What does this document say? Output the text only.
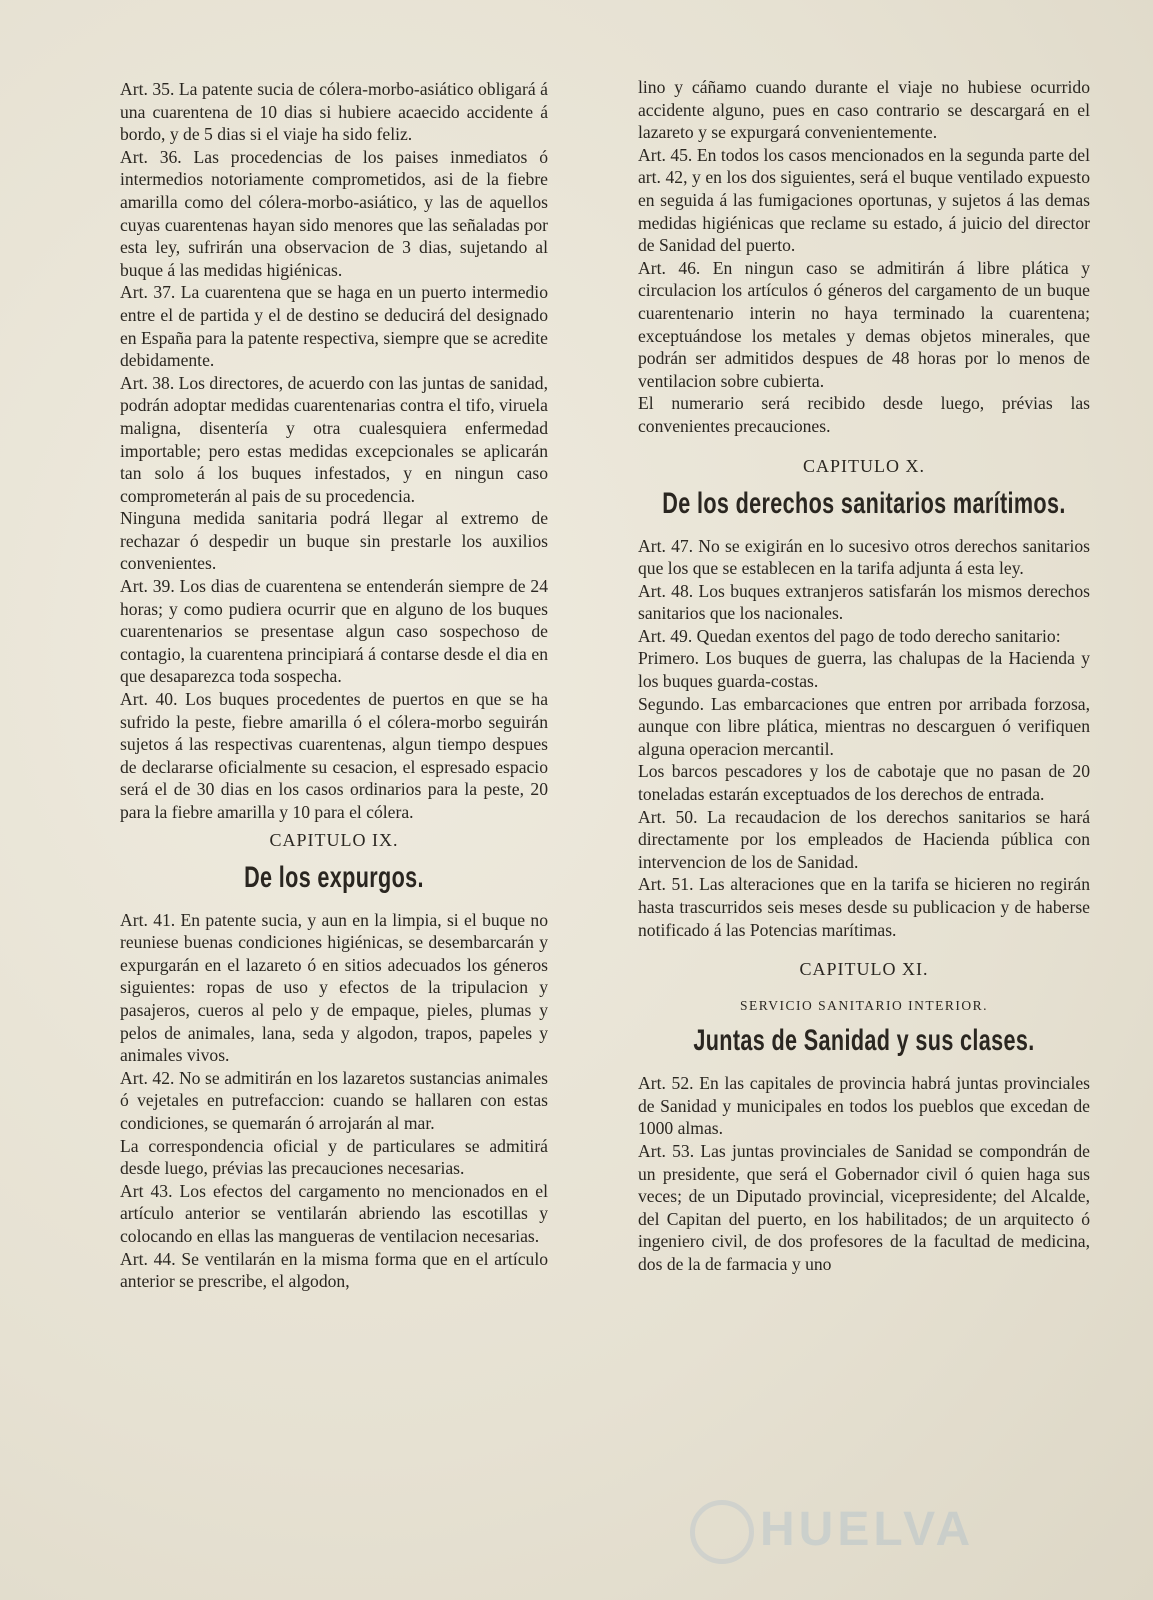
Art. 35. La patente sucia de cólera-morbo-asiático obligará á una cuarentena de 10 dias si hubiere acaecido accidente á bordo, y de 5 dias si el viaje ha sido feliz.

Art. 36. Las procedencias de los paises inmediatos ó intermedios notoriamente comprometidos, asi de la fiebre amarilla como del cólera-morbo-asiático, y las de aquellos cuyas cuarentenas hayan sido menores que las señaladas por esta ley, sufrirán una observacion de 3 dias, sujetando al buque á las medidas higiénicas.

Art. 37. La cuarentena que se haga en un puerto intermedio entre el de partida y el de destino se deducirá del designado en España para la patente respectiva, siempre que se acredite debidamente.

Art. 38. Los directores, de acuerdo con las juntas de sanidad, podrán adoptar medidas cuarentenarias contra el tifo, viruela maligna, disentería y otra cualesquiera enfermedad importable; pero estas medidas excepcionales se aplicarán tan solo á los buques infestados, y en ningun caso comprometerán al pais de su procedencia.

Ninguna medida sanitaria podrá llegar al extremo de rechazar ó despedir un buque sin prestarle los auxilios convenientes.

Art. 39. Los dias de cuarentena se entenderán siempre de 24 horas; y como pudiera ocurrir que en alguno de los buques cuarentenarios se presentase algun caso sospechoso de contagio, la cuarentena principiará á contarse desde el dia en que desaparezca toda sospecha.

Art. 40. Los buques procedentes de puertos en que se ha sufrido la peste, fiebre amarilla ó el cólera-morbo seguirán sujetos á las respectivas cuarentenas, algun tiempo despues de declararse oficialmente su cesacion, el espresado espacio será el de 30 dias en los casos ordinarios para la peste, 20 para la fiebre amarilla y 10 para el cólera.

CAPITULO IX.
De los expurgos.

Art. 41. En patente sucia, y aun en la limpia, si el buque no reuniese buenas condiciones higiénicas, se desembarcarán y expurgarán en el lazareto ó en sitios adecuados los géneros siguientes: ropas de uso y efectos de la tripulacion y pasajeros, cueros al pelo y de empaque, pieles, plumas y pelos de animales, lana, seda y algodon, trapos, papeles y animales vivos.

Art. 42. No se admitirán en los lazaretos sustancias animales ó vejetales en putrefaccion: cuando se hallaren con estas condiciones, se quemarán ó arrojarán al mar.

La correspondencia oficial y de particulares se admitirá desde luego, prévias las precauciones necesarias.

Art 43. Los efectos del cargamento no mencionados en el artículo anterior se ventilarán abriendo las escotillas y colocando en ellas las mangueras de ventilacion necesarias.

Art. 44. Se ventilarán en la misma forma que en el artículo anterior se prescribe, el algodon,

lino y cáñamo cuando durante el viaje no hubiese ocurrido accidente alguno, pues en caso contrario se descargará en el lazareto y se expurgará convenientemente.

Art. 45. En todos los casos mencionados en la segunda parte del art. 42, y en los dos siguientes, será el buque ventilado expuesto en seguida á las fumigaciones oportunas, y sujetos á las demas medidas higiénicas que reclame su estado, á juicio del director de Sanidad del puerto.

Art. 46. En ningun caso se admitirán á libre plática y circulacion los artículos ó géneros del cargamento de un buque cuarentenario interin no haya terminado la cuarentena; exceptuándose los metales y demas objetos minerales, que podrán ser admitidos despues de 48 horas por lo menos de ventilacion sobre cubierta.

El numerario será recibido desde luego, prévias las convenientes precauciones.

CAPITULO X.
De los derechos sanitarios marítimos.

Art. 47. No se exigirán en lo sucesivo otros derechos sanitarios que los que se establecen en la tarifa adjunta á esta ley.

Art. 48. Los buques extranjeros satisfarán los mismos derechos sanitarios que los nacionales.

Art. 49. Quedan exentos del pago de todo derecho sanitario:

Primero. Los buques de guerra, las chalupas de la Hacienda y los buques guarda-costas.

Segundo. Las embarcaciones que entren por arribada forzosa, aunque con libre plática, mientras no descarguen ó verifiquen alguna operacion mercantil.

Los barcos pescadores y los de cabotaje que no pasan de 20 toneladas estarán exceptuados de los derechos de entrada.

Art. 50. La recaudacion de los derechos sanitarios se hará directamente por los empleados de Hacienda pública con intervencion de los de Sanidad.

Art. 51. Las alteraciones que en la tarifa se hicieren no regirán hasta trascurridos seis meses desde su publicacion y de haberse notificado á las Potencias marítimas.

CAPITULO XI.
SERVICIO SANITARIO INTERIOR.
Juntas de Sanidad y sus clases.

Art. 52. En las capitales de provincia habrá juntas provinciales de Sanidad y municipales en todos los pueblos que excedan de 1000 almas.

Art. 53. Las juntas provinciales de Sanidad se compondrán de un presidente, que será el Gobernador civil ó quien haga sus veces; de un Diputado provincial, vicepresidente; del Alcalde, del Capitan del puerto, en los habilitados; de un arquitecto ó ingeniero civil, de dos profesores de la facultad de medicina, dos de la de farmacia y uno

HUELVA
